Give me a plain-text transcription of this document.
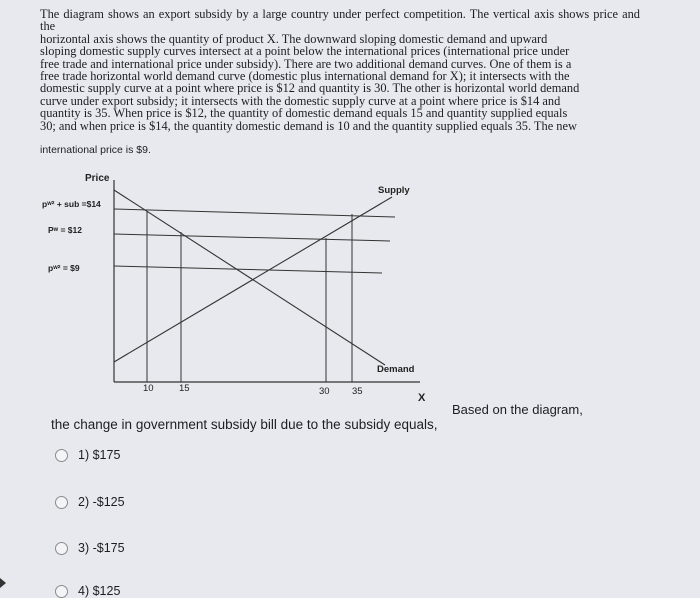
The diagram shows an export subsidy by a large country under perfect competition. The vertical axis shows price and the
horizontal axis shows the quantity of product X. The downward sloping domestic demand and upward
sloping domestic supply curves intersect at a point below the international prices (international price under
free trade and international price under subsidy). There are two additional demand curves. One of them is a
free trade horizontal world demand curve (domestic plus international demand for X); it intersects with the
domestic supply curve at a point where price is $12 and quantity is 30. The other is horizontal world demand
curve under export subsidy; it intersects with the domestic supply curve at a point where price is $14 and
quantity is 35. When price is $12, the quantity of domestic demand equals 15 and quantity supplied equals
30; and when price is $14, the quantity domestic demand is 10 and the quantity supplied equals 35. The new
international price is $9.
Price
X
pʷ² + sub =$14
Pʷ = $12
pʷ² = $9
Supply
Demand
10	15	30 35
Based on the diagram,
the change in government subsidy bill due to the subsidy equals,
1) $175
2) -$125
3) -$175
4) $125
